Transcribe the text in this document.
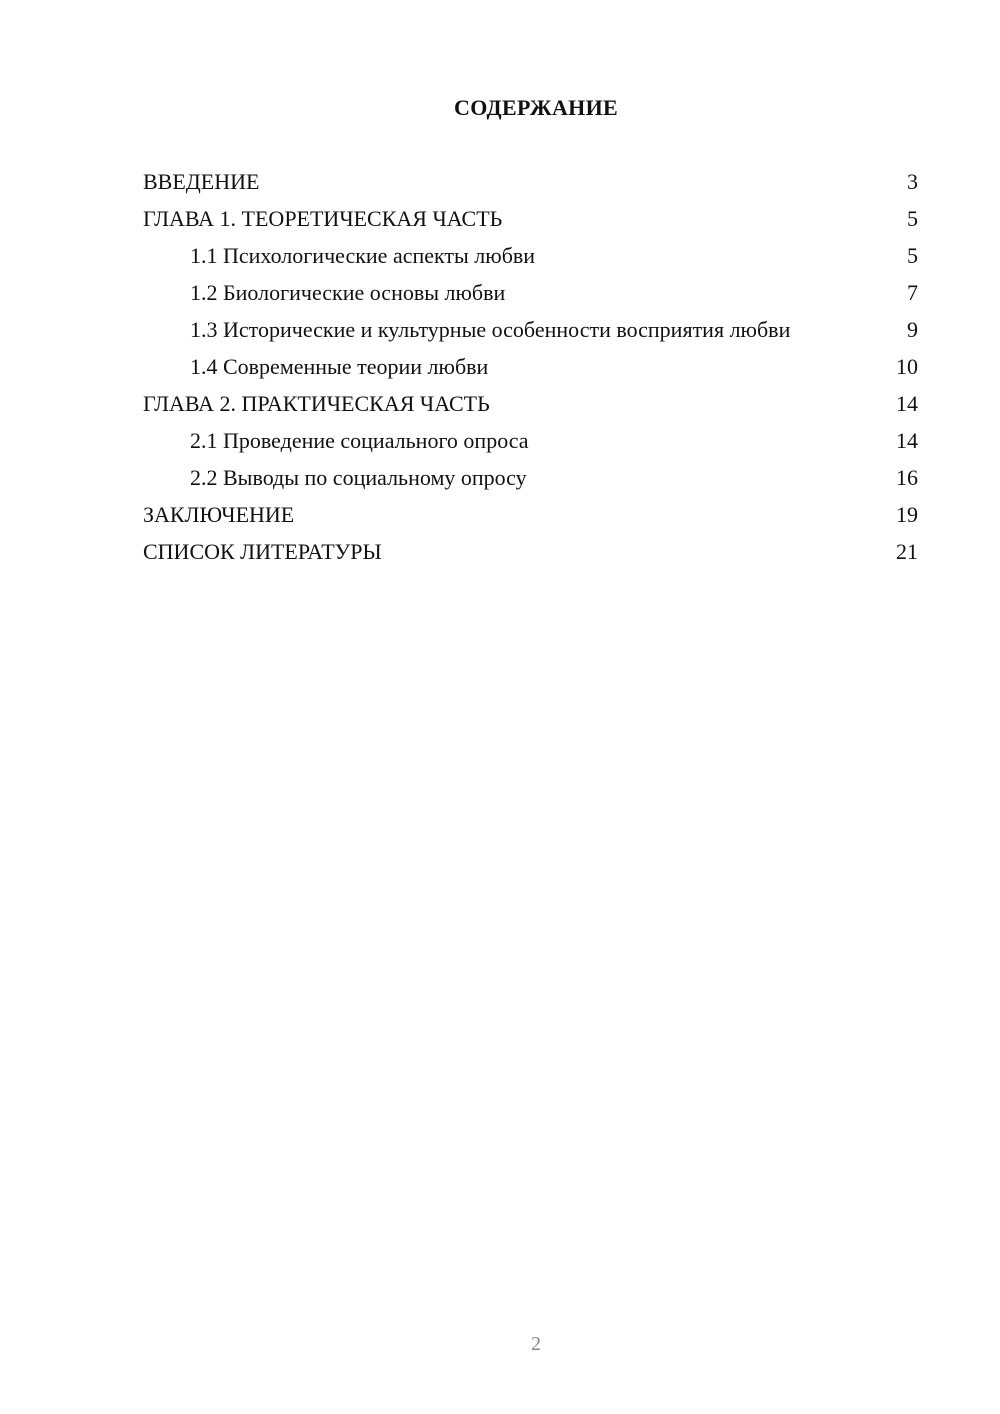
СОДЕРЖАНИЕ
ВВЕДЕНИЕ	3
ГЛАВА 1. ТЕОРЕТИЧЕСКАЯ ЧАСТЬ	5
1.1 Психологические аспекты любви	5
1.2 Биологические основы любви	7
1.3 Исторические и культурные особенности восприятия любви	9
1.4 Современные теории любви	10
ГЛАВА 2. ПРАКТИЧЕСКАЯ ЧАСТЬ	14
2.1 Проведение социального опроса	14
2.2 Выводы по социальному опросу	16
ЗАКЛЮЧЕНИЕ	19
СПИСОК ЛИТЕРАТУРЫ	21
2
